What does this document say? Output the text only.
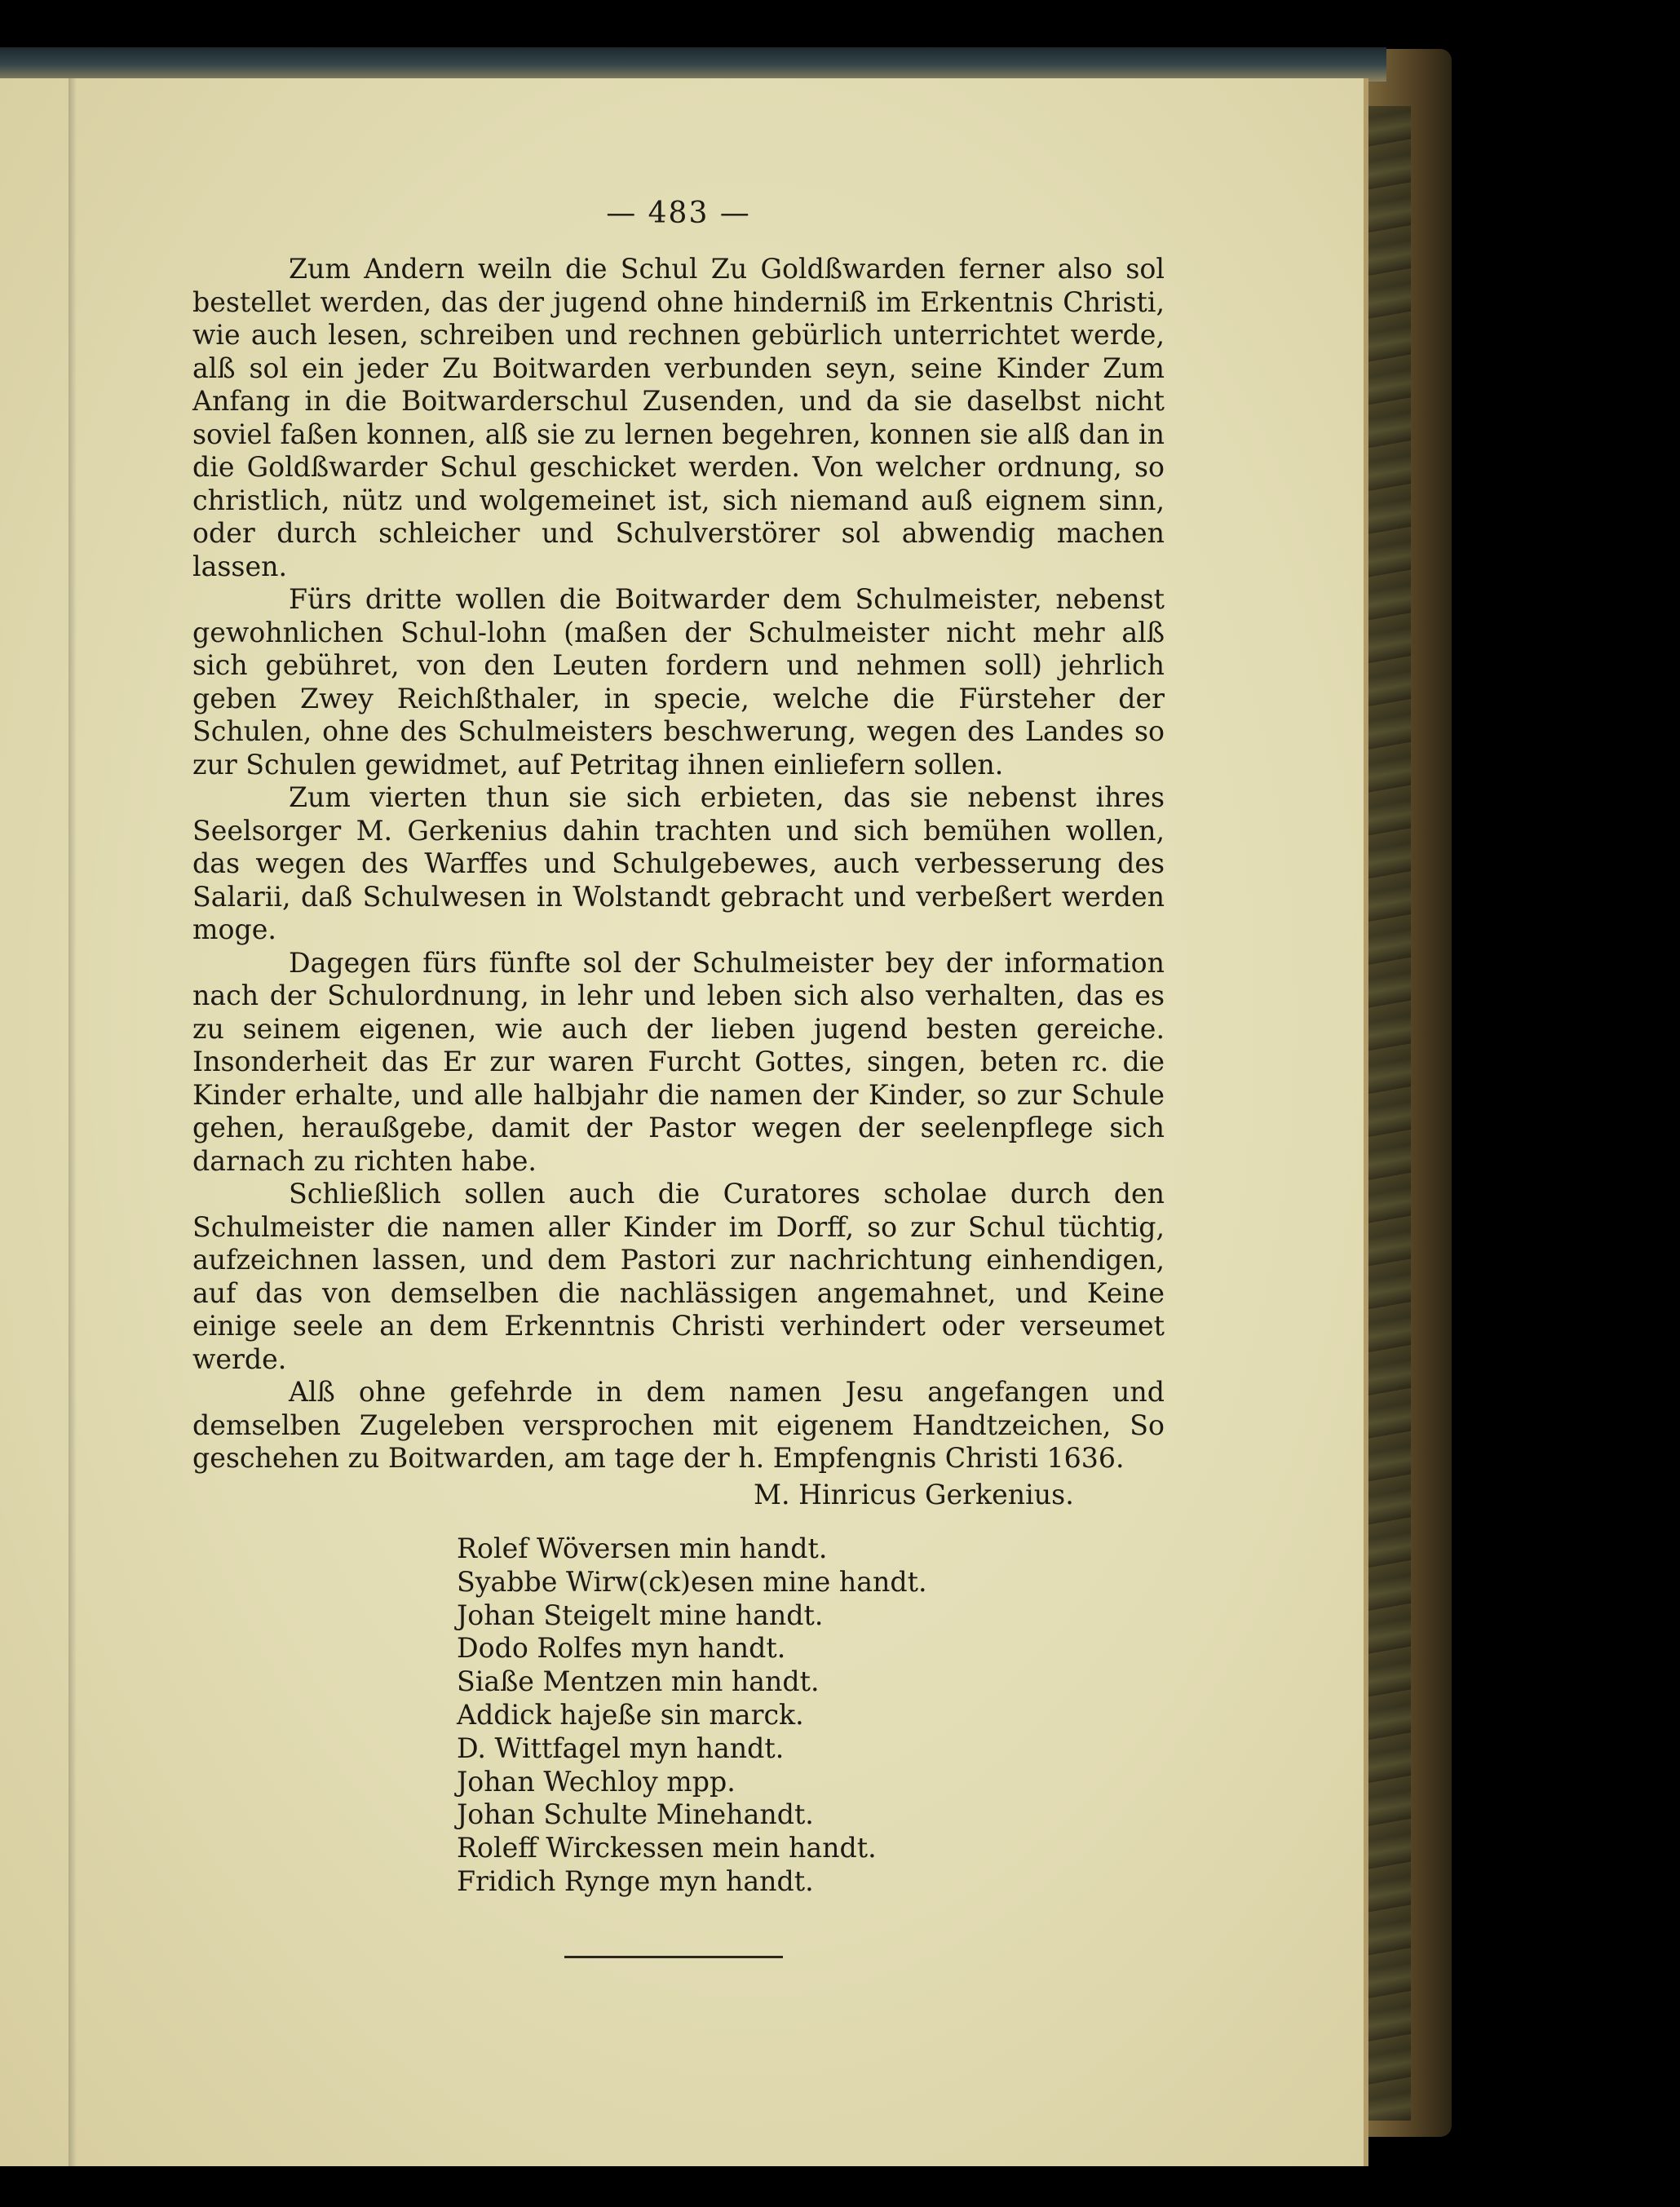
— 483 —

Zum Andern weiln die Schul Zu Goldßwarden ferner also sol bestellet werden, das der jugend ohne hinderniß im Erkentnis Christi, wie auch lesen, schreiben und rechnen gebürlich unterrichtet werde, alß sol ein jeder Zu Boitwarden verbunden seyn, seine Kinder Zum Anfang in die Boitwarderschul Zusenden, und da sie daselbst nicht soviel faßen konnen, alß sie zu lernen begehren, konnen sie alß dan in die Goldßwarder Schul geschicket werden. Von welcher ordnung, so christlich, nütz und wolgemeinet ist, sich niemand auß eignem sinn, oder durch schleicher und Schulverstörer sol abwendig machen lassen.

Fürs dritte wollen die Boitwarder dem Schulmeister, nebenst gewohnlichen Schul-lohn (maßen der Schulmeister nicht mehr alß sich gebühret, von den Leuten fordern und nehmen soll) jehrlich geben Zwey Reichßthaler, in specie, welche die Fürsteher der Schulen, ohne des Schulmeisters beschwerung, wegen des Landes so zur Schulen gewidmet, auf Petritag ihnen einliefern sollen.

Zum vierten thun sie sich erbieten, das sie nebenst ihres Seelsorger M. Gerkenius dahin trachten und sich bemühen wollen, das wegen des Warffes und Schulgebewes, auch verbesserung des Salarii, daß Schulwesen in Wolstandt gebracht und verbeßert werden moge.

Dagegen fürs fünfte sol der Schulmeister bey der information nach der Schulordnung, in lehr und leben sich also verhalten, das es zu seinem eigenen, wie auch der lieben jugend besten gereiche. Insonderheit das Er zur waren Furcht Gottes, singen, beten rc. die Kinder erhalte, und alle halbjahr die namen der Kinder, so zur Schule gehen, heraußgebe, damit der Pastor wegen der seelenpflege sich darnach zu richten habe.

Schließlich sollen auch die Curatores scholae durch den Schulmeister die namen aller Kinder im Dorff, so zur Schul tüchtig, aufzeichnen lassen, und dem Pastori zur nachrichtung einhendigen, auf das von demselben die nachlässigen angemahnet, und Keine einige seele an dem Erkenntnis Christi verhindert oder verseumet werde.

Alß ohne gefehrde in dem namen Jesu angefangen und demselben Zugeleben versprochen mit eigenem Handtzeichen, So geschehen zu Boitwarden, am tage der h. Empfengnis Christi 1636.

M. Hinricus Gerkenius.
Rolef Wöversen min handt.
Syabbe Wirw(ck)esen mine handt.
Johan Steigelt mine handt.
Dodo Rolfes myn handt.
Siaße Mentzen min handt.
Addick hajeße sin marck.
D. Wittfagel myn handt.
Johan Wechloy mpp.
Johan Schulte Minehandt.
Roleff Wirckessen mein handt.
Fridich Rynge myn handt.
